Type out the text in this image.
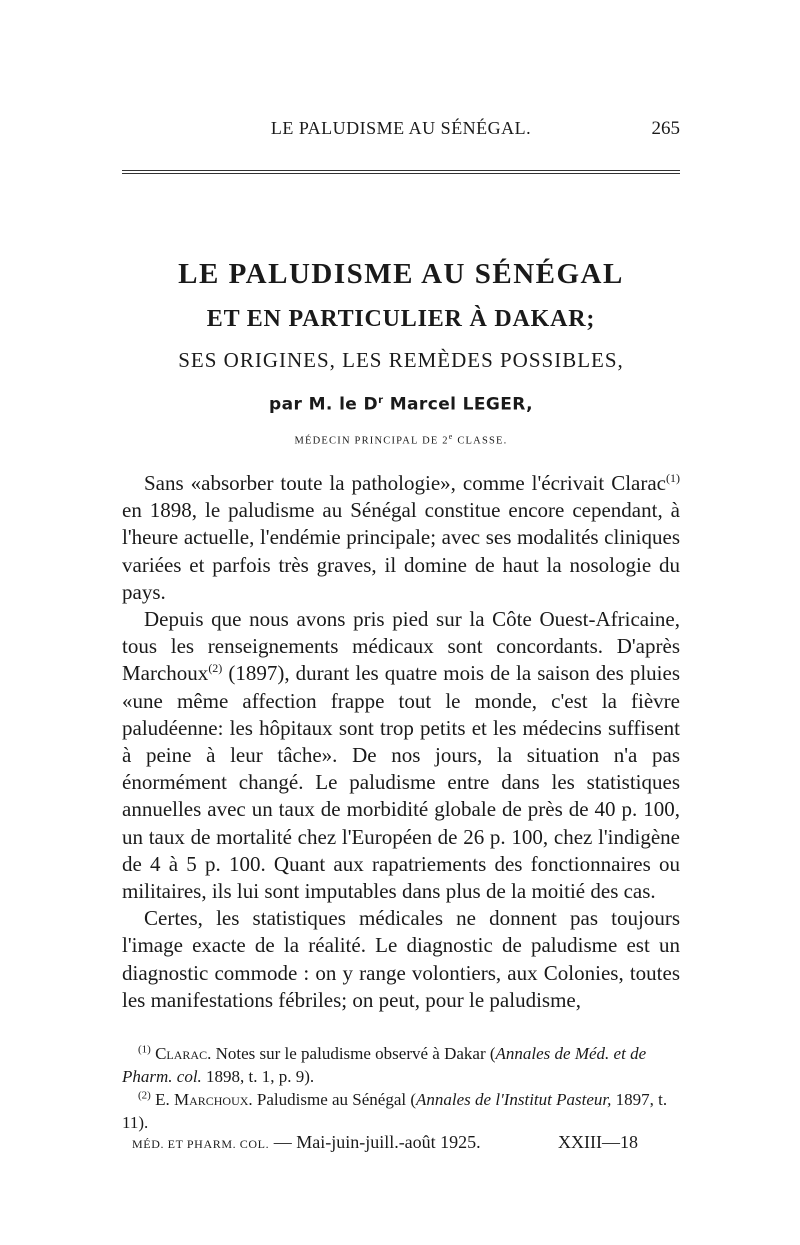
LE PALUDISME AU SÉNÉGAL.	265
LE PALUDISME AU SÉNÉGAL
ET EN PARTICULIER À DAKAR;
SES ORIGINES, LES REMÈDES POSSIBLES,
par M. le $D^r$ Marcel LEGER,
MÉDECIN PRINCIPAL DE 2e CLASSE.

Sans «absorber toute la pathologie», comme l'écrivait Clarac$^{(1)}$ en 1898, le paludisme au Sénégal constitue encore cependant, à l'heure actuelle, l'endémie principale; avec ses modalités cliniques variées et parfois très graves, il domine de haut la nosologie du pays.

Depuis que nous avons pris pied sur la Côte Ouest-Africaine, tous les renseignements médicaux sont concordants. D'après Marchoux$^{(2)}$ (1897), durant les quatre mois de la saison des pluies «une même affection frappe tout le monde, c'est la fièvre paludéenne: les hôpitaux sont trop petits et les médecins suffisent à peine à leur tâche». De nos jours, la situation n'a pas énormément changé. Le paludisme entre dans les statistiques annuelles avec un taux de morbidité globale de près de 40 p. 100, un taux de mortalité chez l'Européen de 26 p. 100, chez l'indigène de 4 à 5 p. 100. Quant aux rapatriements des fonctionnaires ou militaires, ils lui sont imputables dans plus de la moitié des cas.

Certes, les statistiques médicales ne donnent pas toujours l'image exacte de la réalité. Le diagnostic de paludisme est un diagnostic commode : on y range volontiers, aux Colonies, toutes les manifestations fébriles; on peut, pour le paludisme,

$^{(1)}$ Clarac. Notes sur le paludisme observé à Dakar (Annales de Méd. et de Pharm. col. 1898, t. 1, p. 9).

$^{(2)}$ E. Marchoux. Paludisme au Sénégal (Annales de l'Institut Pasteur, 1897, t. 11).

MÉD. ET PHARM. COL. — Mai-juin-juill.-août 1925.	XXIII—18
